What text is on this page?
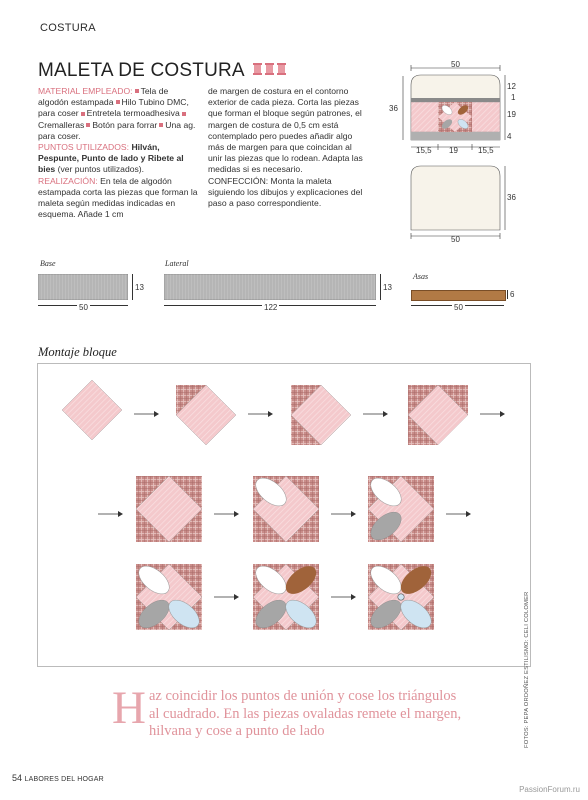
COSTURA
MALETA DE COSTURA
MATERIAL EMPLEADO: Tela de algodón estampada Hilo Tubino DMC, para coser Entretela termoadhesivaCremalleras Botón para forrar Una ag. para coser.
PUNTOS UTILIZADOS: Hilván, Pespunte, Punto de lado y Ribete al bies (ver puntos utilizados).
REALIZACIÓN: En tela de algodón estampada corta las piezas que forman la maleta según medidas indicadas en esquema. Añade 1 cm
de margen de costura en el contorno exterior de cada pieza. Corta las piezas que forman el bloque según patrones, el margen de costura de 0,5 cm está contemplado pero puedes añadir algo más de margen para que coincidan al unir las piezas que lo rodean. Adapta las medidas si es necesario.
CONFECCIÓN: Monta la maleta siguiendo los dibujos y explicaciones del paso a paso correspondiente.
50
36
12
1
19
4
15,5 19	15,5
36
50
Base
13
50
Lateral
13
122
Asas
6
50
Montaje bloque
Haz coincidir los puntos de unión y cose los triángulos al cuadrado. En las piezas ovaladas remete el margen, hilvana y cose a punto de lado	FOTOS: PEPA ORDOÑEZ ESTILISMO: CELI COLOMER
54 LABORES DEL HOGAR
PassionForum.ru
